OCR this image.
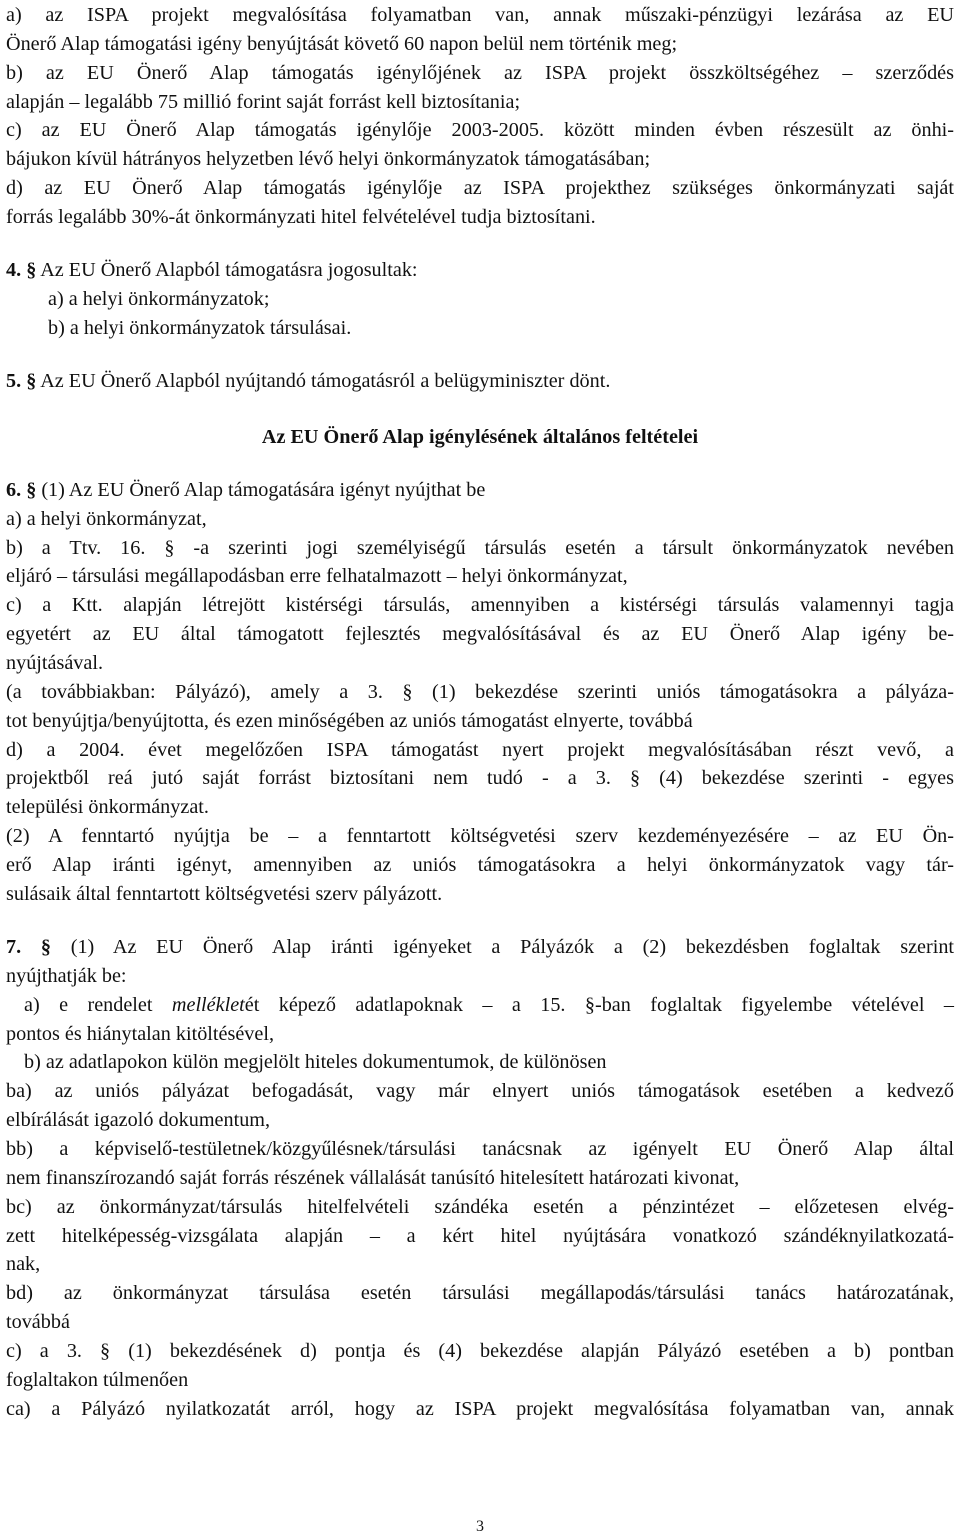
a) az ISPA projekt megvalósítása folyamatban van, annak műszaki-pénzügyi lezárása az EU
Önerő Alap támogatási igény benyújtását követő 60 napon belül nem történik meg;
b) az EU Önerő Alap támogatás igénylőjének az ISPA projekt összköltségéhez – szerződés
alapján – legalább 75 millió forint saját forrást kell biztosítania;
c) az EU Önerő Alap támogatás igénylője 2003-2005. között minden évben részesült az önhi-
bájukon kívül hátrányos helyzetben lévő helyi önkormányzatok támogatásában;
d) az EU Önerő Alap támogatás igénylője az ISPA projekthez szükséges önkormányzati saját
forrás legalább 30%-át önkormányzati hitel felvételével tudja biztosítani.
4. § Az EU Önerő Alapból támogatásra jogosultak:
a) a helyi önkormányzatok;
b) a helyi önkormányzatok társulásai.
5. § Az EU Önerő Alapból nyújtandó támogatásról a belügyminiszter dönt.
Az EU Önerő Alap igénylésének általános feltételei
6. § (1) Az EU Önerő Alap támogatására igényt nyújthat be
a) a helyi önkormányzat,
b) a Ttv. 16. § -a szerinti jogi személyiségű társulás esetén a társult önkormányzatok nevében
eljáró – társulási megállapodásban erre felhatalmazott – helyi önkormányzat,
c) a Ktt. alapján létrejött kistérségi társulás, amennyiben a kistérségi társulás valamennyi tagja
egyetért az EU által támogatott fejlesztés megvalósításával és az EU Önerő Alap igény be-
nyújtásával.
(a továbbiakban: Pályázó), amely a 3. § (1) bekezdése szerinti uniós támogatásokra a pályáza-
tot benyújtja/benyújtotta, és ezen minőségében az uniós támogatást elnyerte, továbbá
d) a 2004. évet megelőzően ISPA támogatást nyert projekt megvalósításában részt vevő, a
projektből reá jutó saját forrást biztosítani nem tudó - a 3. § (4) bekezdése szerinti - egyes
települési önkormányzat.
(2) A fenntartó nyújtja be – a fenntartott költségvetési szerv kezdeményezésére – az EU Ön-
erő Alap iránti igényt, amennyiben az uniós támogatásokra a helyi önkormányzatok vagy tár-
sulásaik által fenntartott költségvetési szerv pályázott.
7. § (1) Az EU Önerő Alap iránti igényeket a Pályázók a (2) bekezdésben foglaltak szerint
nyújthatják be:
a) e rendelet mellékletét képező adatlapoknak – a 15. §-ban foglaltak figyelembe vételével –
pontos és hiánytalan kitöltésével,
b) az adatlapokon külön megjelölt hiteles dokumentumok, de különösen
ba) az uniós pályázat befogadását, vagy már elnyert uniós támogatások esetében a kedvező
elbírálását igazoló dokumentum,
bb) a képviselő-testületnek/közgyűlésnek/társulási tanácsnak az igényelt EU Önerő Alap által
nem finanszírozandó saját forrás részének vállalását tanúsító hitelesített határozati kivonat,
bc) az önkormányzat/társulás hitelfelvételi szándéka esetén a pénzintézet – előzetesen elvég-
zett hitelképesség-vizsgálata alapján – a kért hitel nyújtására vonatkozó szándéknyilatkozatá-
nak,
bd) az önkormányzat társulása esetén társulási megállapodás/társulási tanács határozatának,
továbbá
c) a 3. § (1) bekezdésének d) pontja és (4) bekezdése alapján Pályázó esetében a b) pontban
foglaltakon túlmenően
ca) a Pályázó nyilatkozatát arról, hogy az ISPA projekt megvalósítása folyamatban van, annak
3
